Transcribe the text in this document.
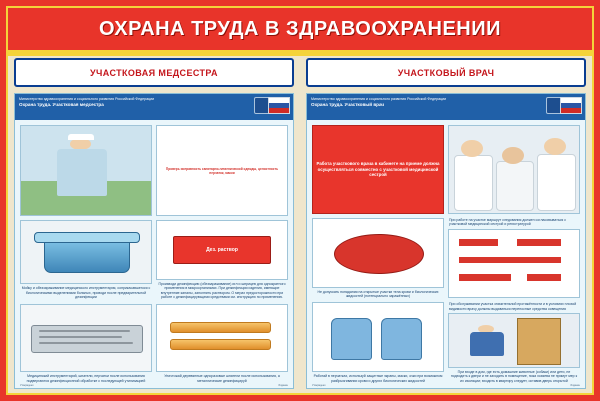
ОХРАНА ТРУДА В ЗДРАВООХРАНЕНИИ
УЧАСТКОВАЯ МЕДСЕСТРА
Министерство здравоохранения и социального развития Российской Федерации
Охрана труда. Участковая медсестра
Проверь исправность санитарно-гигиенической одежды, целостность перчаток, маски
Мойку и обеззараживание медицинского инструментария, соприкасавшегося с биологическими выделениями больных, проводи после предварительной дезинфекции
Дез. раствор
Производи дезинфекцию (обеззараживание) игл и шприцев для однократного применения в микроорганизмах. При дезинфекции изделия, имеющие внутренние каналы, заполнить раствором. О мерах предосторожности при работе с дезинфицирующими средствами см. инструкцию по применению.
Медицинский инструментарий, шпатели, перчатки после использования подвергаются дезинфекционной обработке с последующей утилизацией
Уничтожай деревянные одноразовые шпатели после использования, а металлические дезинфицируй
Утверждено	Издание
УЧАСТКОВЫЙ ВРАЧ
Министерство здравоохранения и социального развития Российской Федерации
Охрана труда. Участковый врач
Работа участкового врача в кабинете на приеме должна осуществляться совместно с участковой медицинской сестрой
Не допускать попадания на открытые участки тела крови и биологических жидкостей (потенциально заражённых)
При работе на участке маршрут следования должен согласовываться с участковой медицинской сестрой и регистратурой
Работай в перчатках, используй защитные экраны, маски, очки при возможном разбрызгивании крови и других биологических жидкостей
При обслуживании участка значительной протяжённости и в условиях плохой видимости врачу должны выдаваться переносные средства освещения
При входе в дом, где есть домашние животные (собаки) или дети, не подходить к двери и не заходить в помещение, пока хозяева не примут мер к их изоляции; входить в квартиру следует, оставив дверь открытой
Утверждено	Издание
